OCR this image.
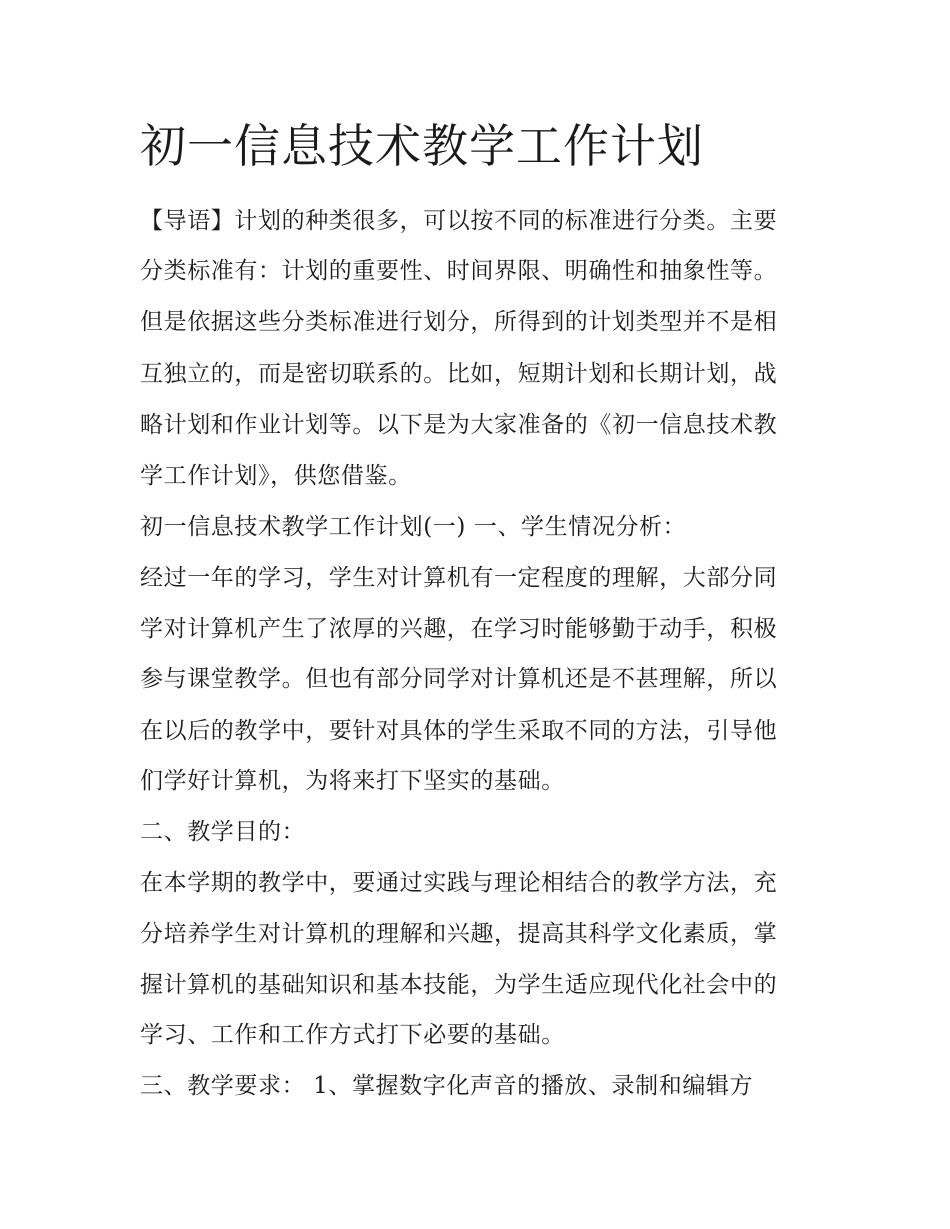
初一信息技术教学工作计划
【导语】计划的种类很多，可以按不同的标准进行分类。主要
分类标准有：计划的重要性、时间界限、明确性和抽象性等。
但是依据这些分类标准进行划分，所得到的计划类型并不是相
互独立的，而是密切联系的。比如，短期计划和长期计划，战
略计划和作业计划等。以下是为大家准备的《初一信息技术教
学工作计划》，供您借鉴。
初一信息技术教学工作计划(一) 一、学生情况分析：
经过一年的学习，学生对计算机有一定程度的理解，大部分同
学对计算机产生了浓厚的兴趣，在学习时能够勤于动手，积极
参与课堂教学。但也有部分同学对计算机还是不甚理解，所以
在以后的教学中，要针对具体的学生采取不同的方法，引导他
们学好计算机，为将来打下坚实的基础。
二、教学目的：
在本学期的教学中，要通过实践与理论相结合的教学方法，充
分培养学生对计算机的理解和兴趣，提高其科学文化素质，掌
握计算机的基础知识和基本技能，为学生适应现代化社会中的
学习、工作和工作方式打下必要的基础。
三、教学要求： 1、掌握数字化声音的播放、录制和编辑方
